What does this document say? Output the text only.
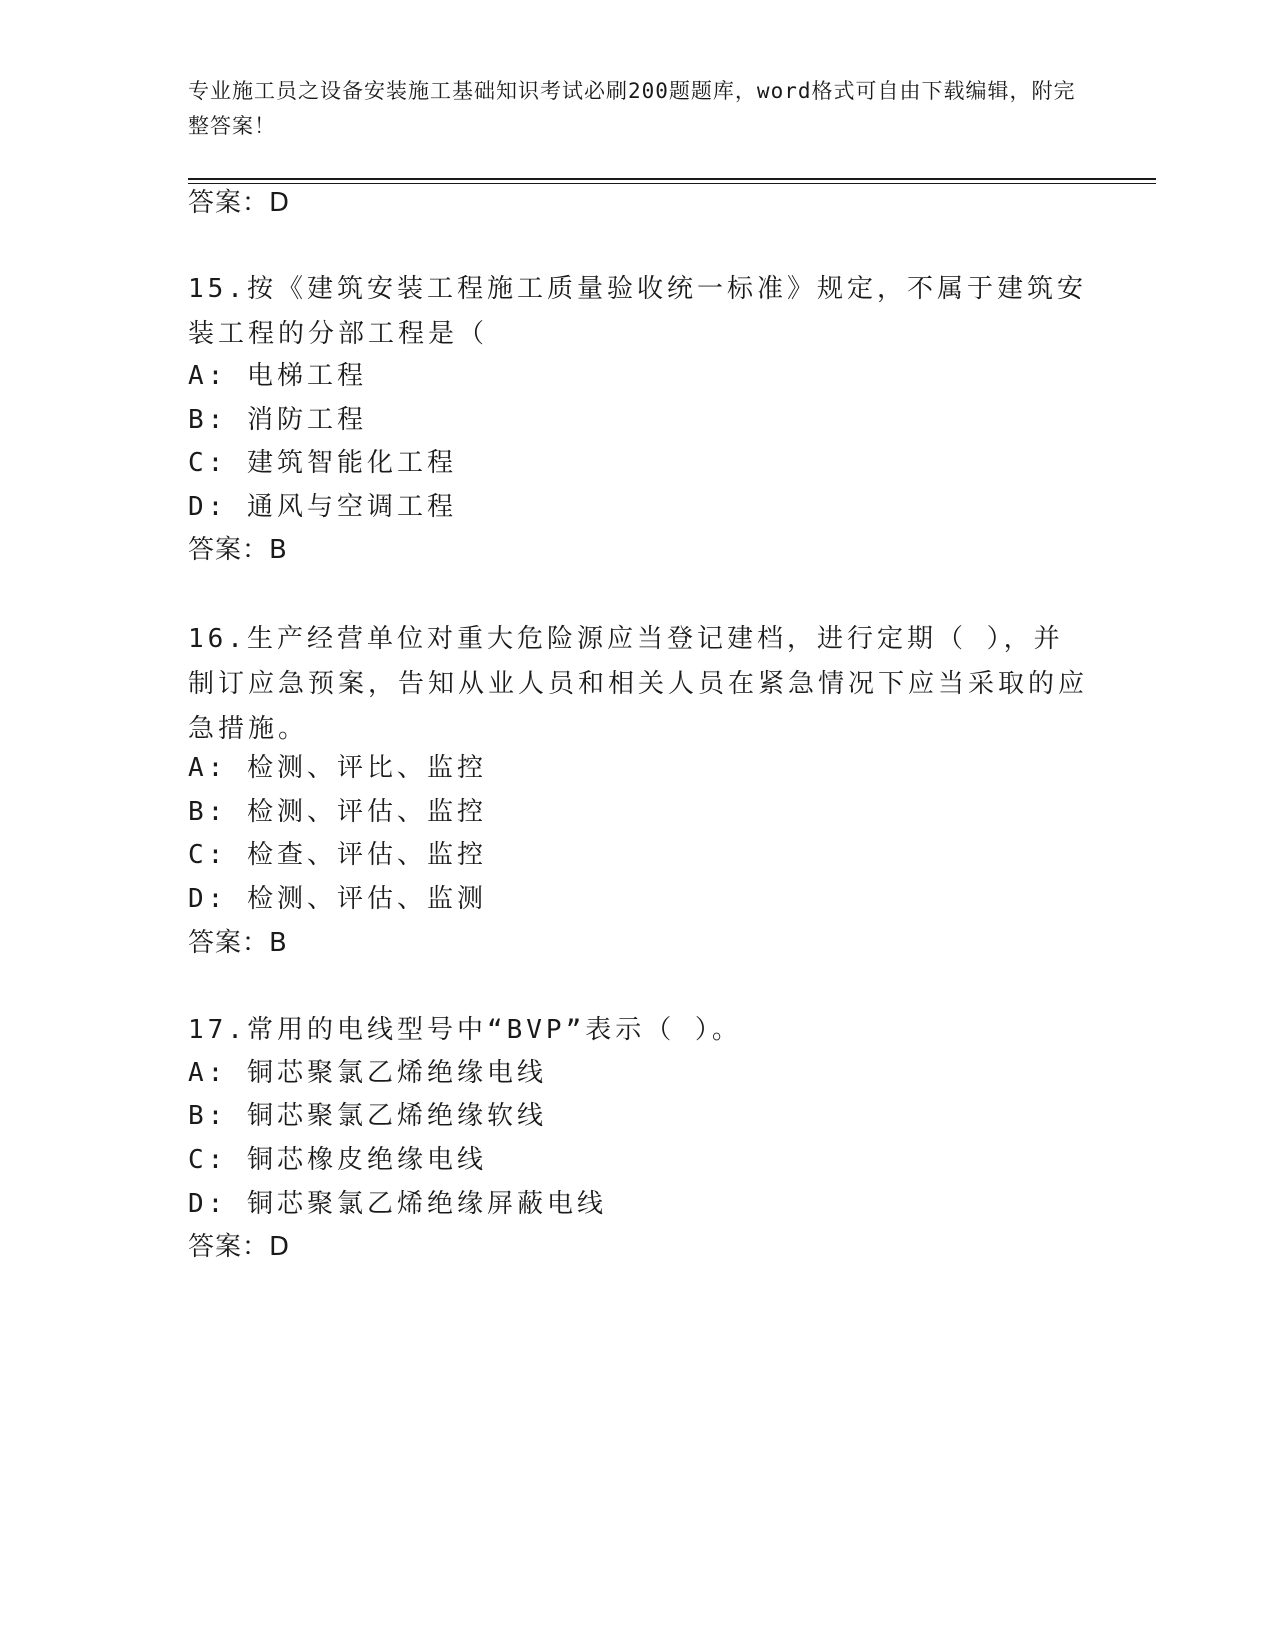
专业施工员之设备安装施工基础知识考试必刷200题题库，word格式可自由下载编辑，附完整答案！
答案：D
15.按《建筑安装工程施工质量验收统一标准》规定，不属于建筑安装工程的分部工程是（
A: 电梯工程
B: 消防工程
C: 建筑智能化工程
D: 通风与空调工程
答案：B
16.生产经营单位对重大危险源应当登记建档，进行定期（ ），并制订应急预案，告知从业人员和相关人员在紧急情况下应当采取的应急措施。
A: 检测、评比、监控
B: 检测、评估、监控
C: 检查、评估、监控
D: 检测、评估、监测
答案：B
17.常用的电线型号中“BVP”表示（ ）。
A: 铜芯聚氯乙烯绝缘电线
B: 铜芯聚氯乙烯绝缘软线
C: 铜芯橡皮绝缘电线
D: 铜芯聚氯乙烯绝缘屏蔽电线
答案：D
